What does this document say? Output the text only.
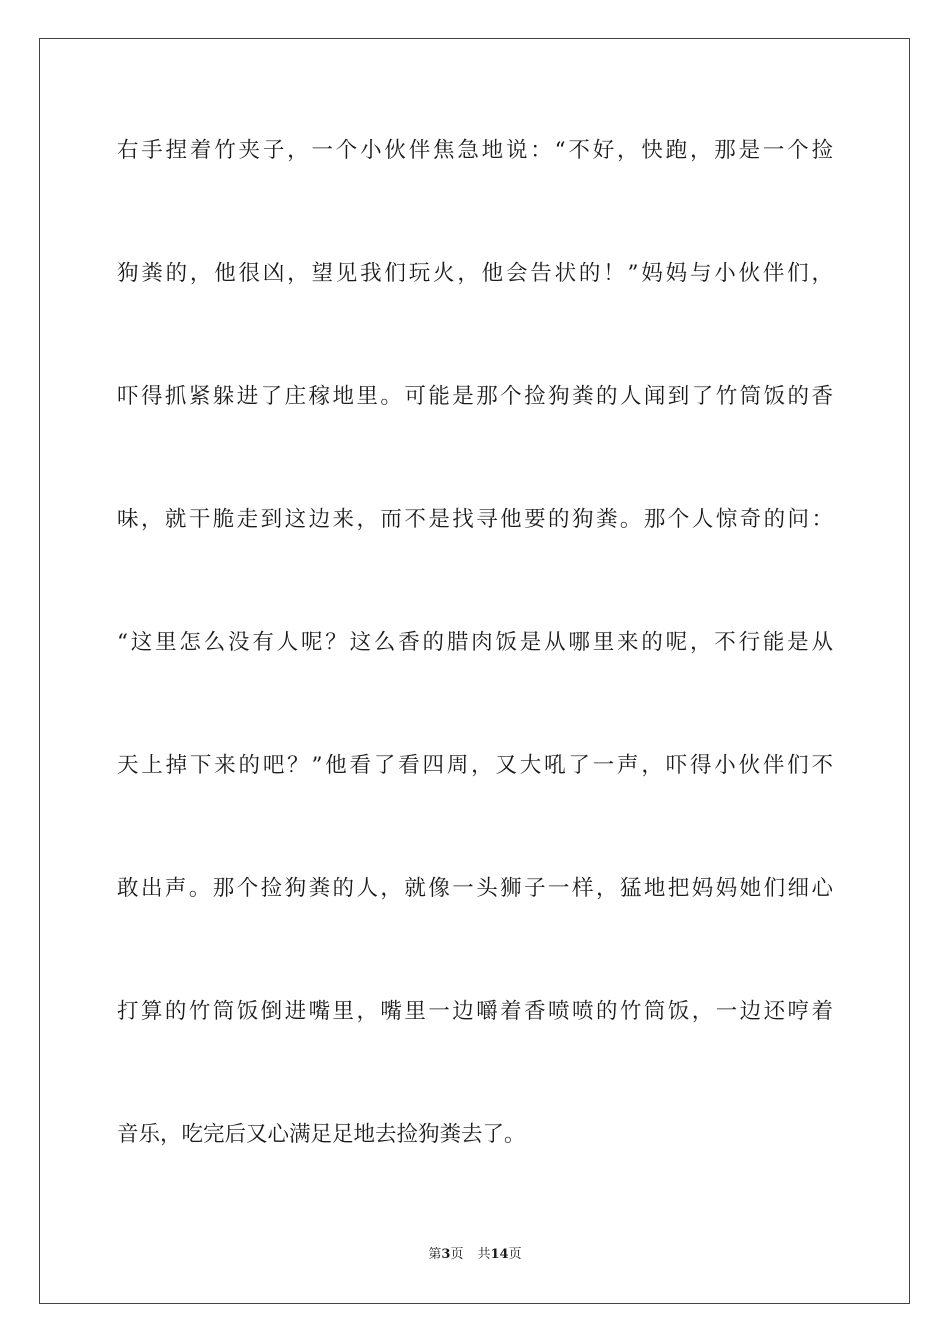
右手捏着竹夹子，一个小伙伴焦急地说：“不好，快跑，那是一个捡
狗粪的，他很凶，望见我们玩火，他会告状的！”妈妈与小伙伴们，
吓得抓紧躲进了庄稼地里。可能是那个捡狗粪的人闻到了竹筒饭的香
味，就干脆走到这边来，而不是找寻他要的狗粪。那个人惊奇的问：
“这里怎么没有人呢？这么香的腊肉饭是从哪里来的呢，不行能是从
天上掉下来的吧？”他看了看四周，又大吼了一声，吓得小伙伴们不
敢出声。那个捡狗粪的人，就像一头狮子一样，猛地把妈妈她们细心
打算的竹筒饭倒进嘴里，嘴里一边嚼着香喷喷的竹筒饭，一边还哼着
音乐，吃完后又心满足足地去捡狗粪去了。
第3页 共14页
